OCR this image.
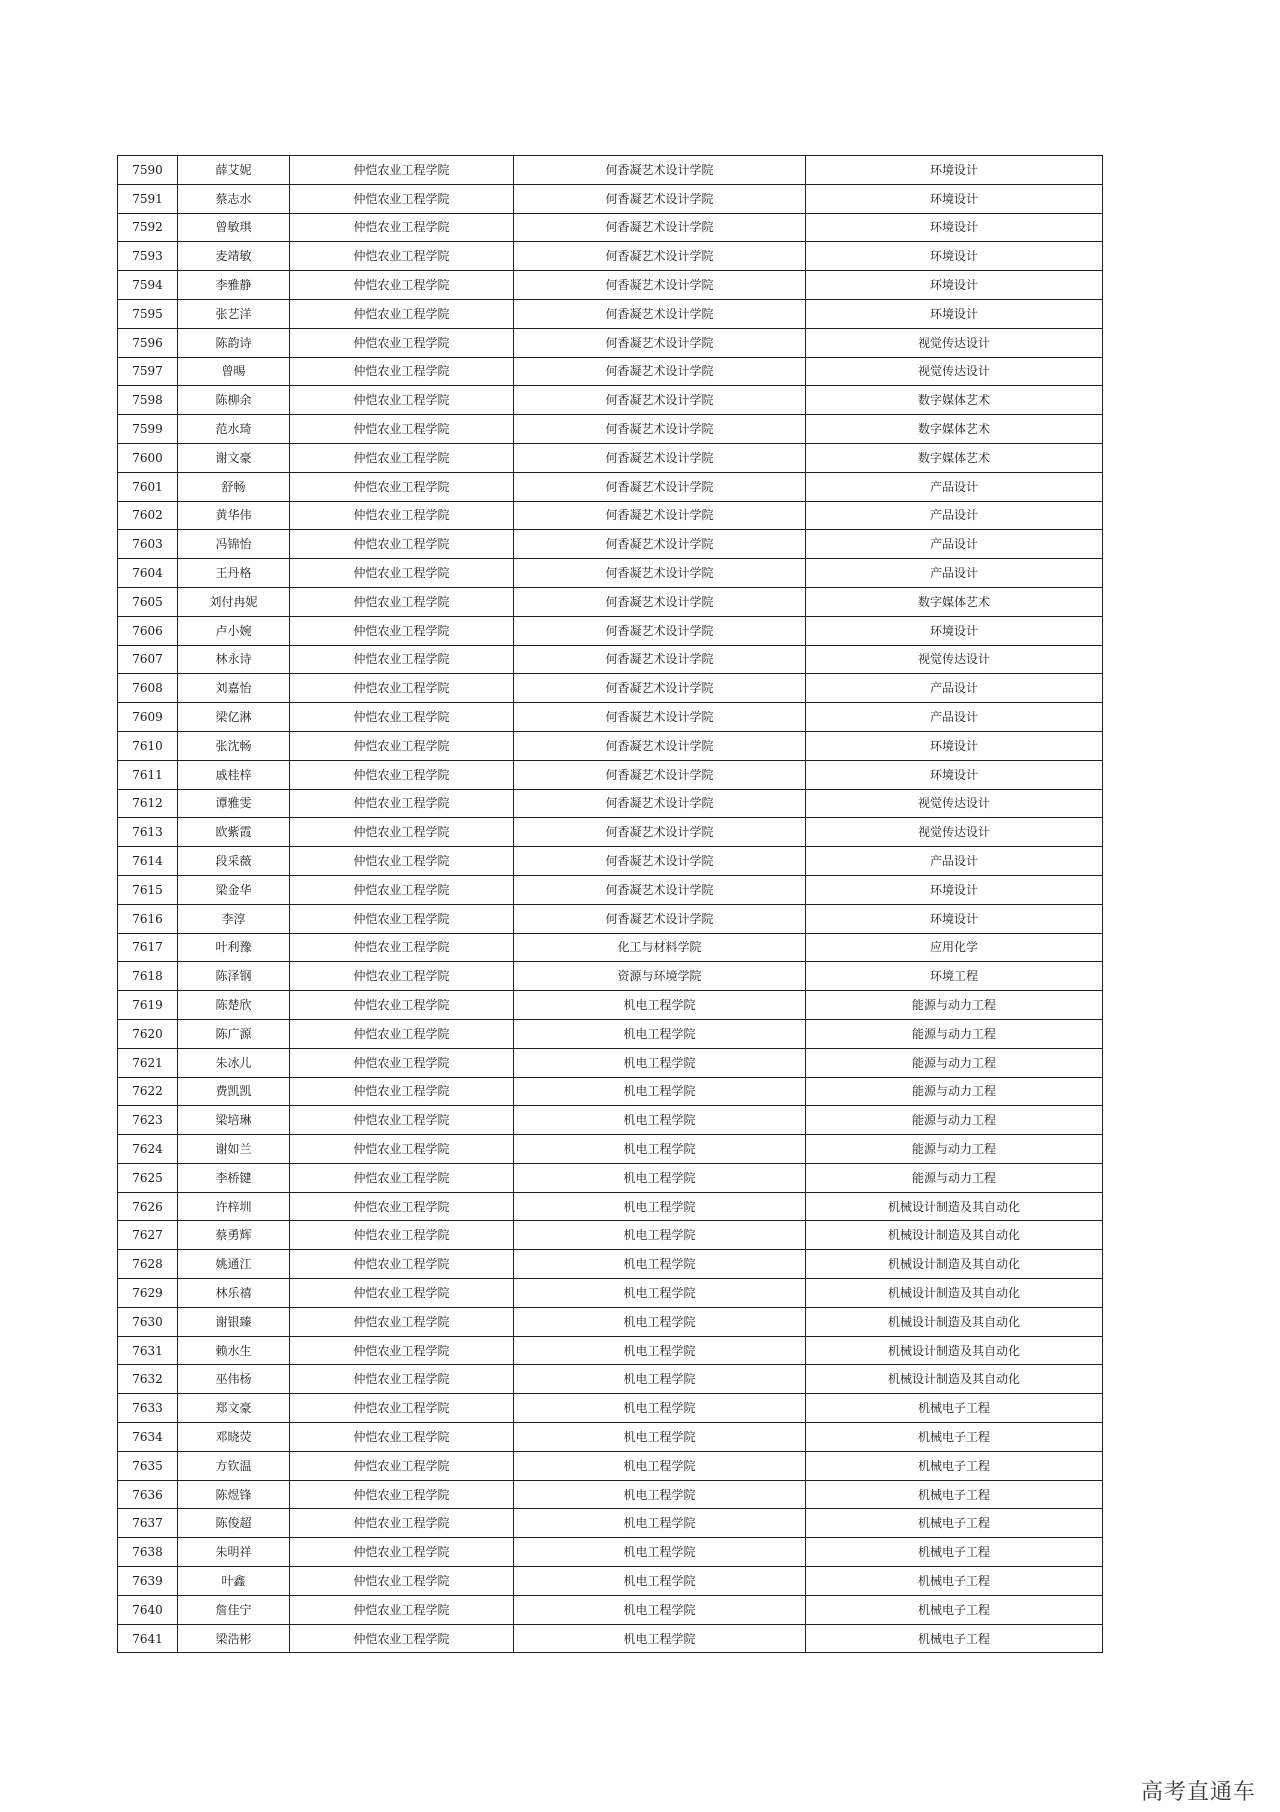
7590	薛艾妮	仲恺农业工程学院	何香凝艺术设计学院	环境设计
7591	蔡志水	仲恺农业工程学院	何香凝艺术设计学院	环境设计
7592	曾敏琪	仲恺农业工程学院	何香凝艺术设计学院	环境设计
7593	麦靖敏	仲恺农业工程学院	何香凝艺术设计学院	环境设计
7594	李雅静	仲恺农业工程学院	何香凝艺术设计学院	环境设计
7595	张艺洋	仲恺农业工程学院	何香凝艺术设计学院	环境设计
7596	陈韵诗	仲恺农业工程学院	何香凝艺术设计学院	视觉传达设计
7597	曾晹	仲恺农业工程学院	何香凝艺术设计学院	视觉传达设计
7598	陈柳余	仲恺农业工程学院	何香凝艺术设计学院	数字媒体艺术
7599	范水琦	仲恺农业工程学院	何香凝艺术设计学院	数字媒体艺术
7600	谢文豪	仲恺农业工程学院	何香凝艺术设计学院	数字媒体艺术
7601	舒畅	仲恺农业工程学院	何香凝艺术设计学院	产品设计
7602	黄华伟	仲恺农业工程学院	何香凝艺术设计学院	产品设计
7603	冯锦怡	仲恺农业工程学院	何香凝艺术设计学院	产品设计
7604	王丹格	仲恺农业工程学院	何香凝艺术设计学院	产品设计
7605	刘付冉妮	仲恺农业工程学院	何香凝艺术设计学院	数字媒体艺术
7606	卢小婉	仲恺农业工程学院	何香凝艺术设计学院	环境设计
7607	林永诗	仲恺农业工程学院	何香凝艺术设计学院	视觉传达设计
7608	刘嘉怡	仲恺农业工程学院	何香凝艺术设计学院	产品设计
7609	梁亿淋	仲恺农业工程学院	何香凝艺术设计学院	产品设计
7610	张沈畅	仲恺农业工程学院	何香凝艺术设计学院	环境设计
7611	戚桂梓	仲恺农业工程学院	何香凝艺术设计学院	环境设计
7612	谭雅雯	仲恺农业工程学院	何香凝艺术设计学院	视觉传达设计
7613	欧紫霞	仲恺农业工程学院	何香凝艺术设计学院	视觉传达设计
7614	段采薇	仲恺农业工程学院	何香凝艺术设计学院	产品设计
7615	梁金华	仲恺农业工程学院	何香凝艺术设计学院	环境设计
7616	李淳	仲恺农业工程学院	何香凝艺术设计学院	环境设计
7617	叶利豫	仲恺农业工程学院	化工与材料学院	应用化学
7618	陈泽钢	仲恺农业工程学院	资源与环境学院	环境工程
7619	陈楚欣	仲恺农业工程学院	机电工程学院	能源与动力工程
7620	陈广源	仲恺农业工程学院	机电工程学院	能源与动力工程
7621	朱冰儿	仲恺农业工程学院	机电工程学院	能源与动力工程
7622	费凯凯	仲恺农业工程学院	机电工程学院	能源与动力工程
7623	梁培琳	仲恺农业工程学院	机电工程学院	能源与动力工程
7624	谢如兰	仲恺农业工程学院	机电工程学院	能源与动力工程
7625	李桥键	仲恺农业工程学院	机电工程学院	能源与动力工程
7626	许梓圳	仲恺农业工程学院	机电工程学院	机械设计制造及其自动化
7627	蔡勇辉	仲恺农业工程学院	机电工程学院	机械设计制造及其自动化
7628	姚通江	仲恺农业工程学院	机电工程学院	机械设计制造及其自动化
7629	林乐禧	仲恺农业工程学院	机电工程学院	机械设计制造及其自动化
7630	谢银臻	仲恺农业工程学院	机电工程学院	机械设计制造及其自动化
7631	赖水生	仲恺农业工程学院	机电工程学院	机械设计制造及其自动化
7632	巫伟杨	仲恺农业工程学院	机电工程学院	机械设计制造及其自动化
7633	郑文豪	仲恺农业工程学院	机电工程学院	机械电子工程
7634	邓晓荧	仲恺农业工程学院	机电工程学院	机械电子工程
7635	方钦温	仲恺农业工程学院	机电工程学院	机械电子工程
7636	陈煜锋	仲恺农业工程学院	机电工程学院	机械电子工程
7637	陈俊超	仲恺农业工程学院	机电工程学院	机械电子工程
7638	朱明祥	仲恺农业工程学院	机电工程学院	机械电子工程
7639	叶鑫	仲恺农业工程学院	机电工程学院	机械电子工程
7640	詹佳宁	仲恺农业工程学院	机电工程学院	机械电子工程
7641	梁浩彬	仲恺农业工程学院	机电工程学院	机械电子工程
高考直通车
